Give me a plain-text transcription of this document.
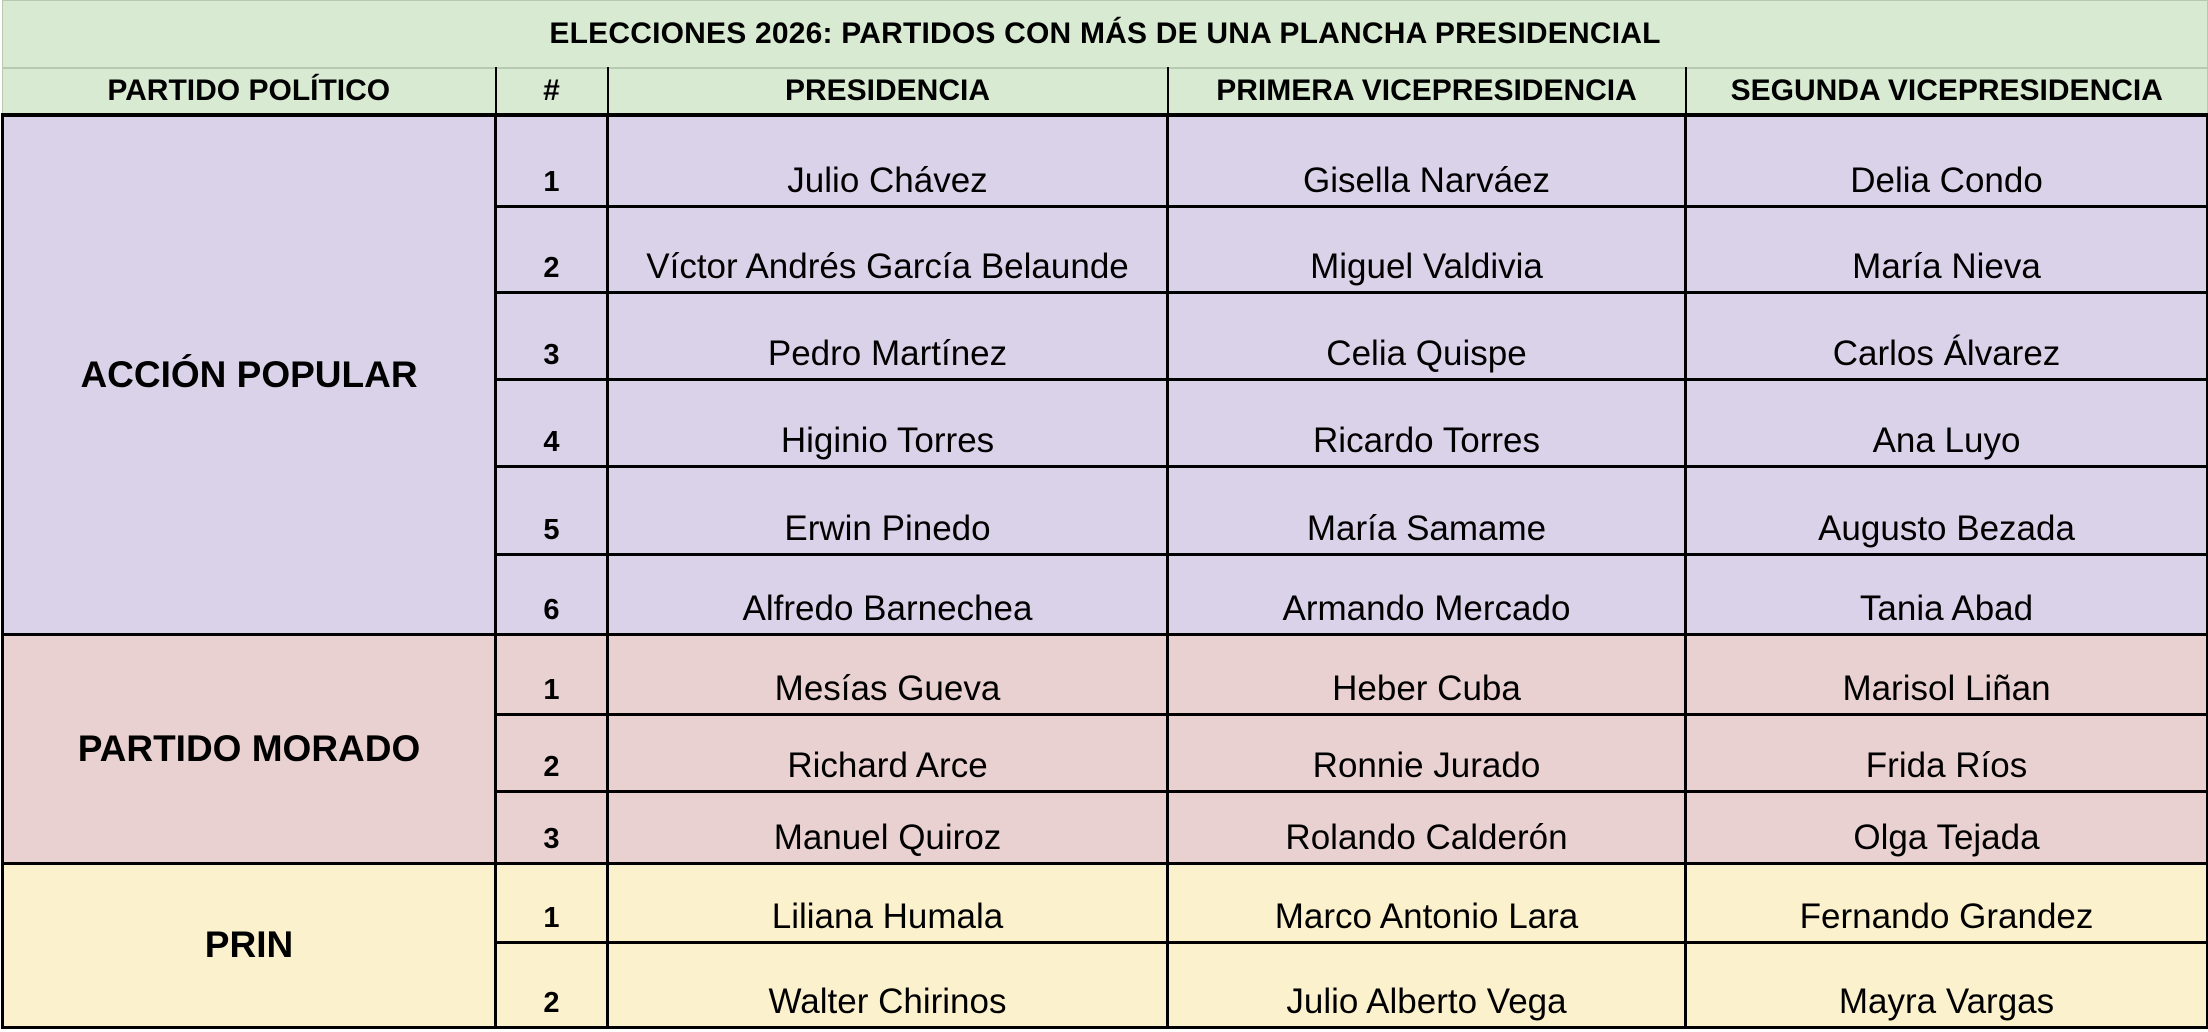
ELECCIONES 2026: PARTIDOS CON MÁS DE UNA PLANCHA PRESIDENCIAL				
PARTIDO POLÍTICO	#	PRESIDENCIA	PRIMERA VICEPRESIDENCIA	SEGUNDA VICEPRESIDENCIA
ACCIÓN POPULAR	1	Julio Chávez	Gisella Narváez	Delia Condo
	2	Víctor Andrés García Belaunde	Miguel Valdivia	María Nieva
	3	Pedro Martínez	Celia Quispe	Carlos Álvarez
	4	Higinio Torres	Ricardo Torres	Ana Luyo
	5	Erwin Pinedo	María Samame	Augusto Bezada
	6	Alfredo Barnechea	Armando Mercado	Tania Abad
PARTIDO MORADO	1	Mesías Gueva	Heber Cuba	Marisol Liñan
	2	Richard Arce	Ronnie Jurado	Frida Ríos
	3	Manuel Quiroz	Rolando Calderón	Olga Tejada
PRIN	1	Liliana Humala	Marco Antonio Lara	Fernando Grandez
	2	Walter Chirinos	Julio Alberto Vega	Mayra Vargas
